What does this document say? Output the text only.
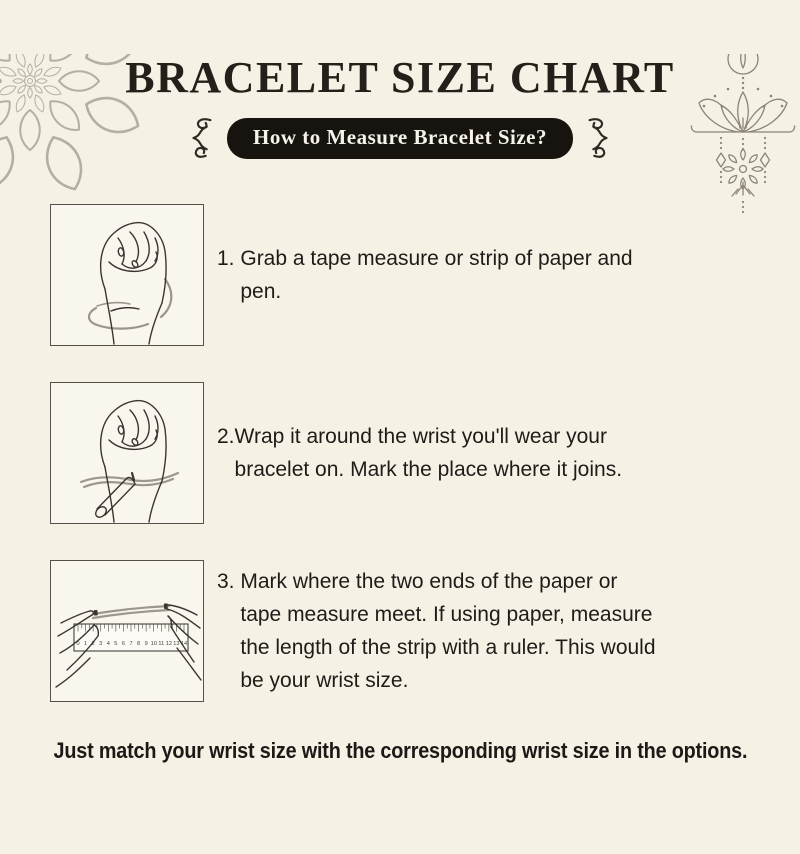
BRACELET SIZE CHART
How to Measure Bracelet Size?
1. Grab a tape measure or strip of paper and
pen.
2. Wrap it around the wrist you'll wear your
bracelet on. Mark the place where it joins.
0 1 2 3 4 5 6 7 8 9 10 11 12 13 14
3. Mark where the two ends of the paper or
tape measure meet. If using paper, measure
the length of the strip with a ruler. This would
be your wrist size.
Just match your wrist size with the corresponding wrist size in the options.
